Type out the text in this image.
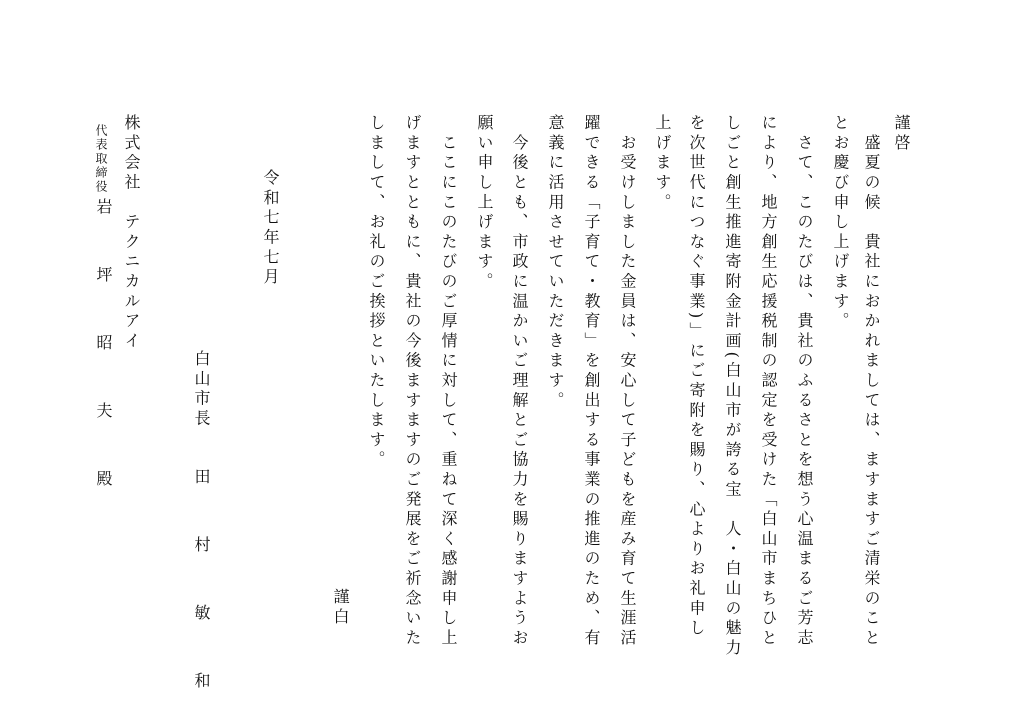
謹啓

　盛夏の候　貴社におかれましては、ますますご清栄のこと

とお慶び申し上げます。

　さて、このたびは、貴社のふるさとを想う心温まるご芳志

により、地方創生応援税制の認定を受けた「白山市まちひと

しごと創生推進寄附金計画(白山市が誇る宝　人・白山の魅力

を次世代につなぐ事業)」にご寄附を賜り、心よりお礼申し

上げます。

　お受けしました金員は、安心して子どもを産み育て生涯活

躍できる「子育て・教育」を創出する事業の推進のため、有

意義に活用させていただきます。

　今後とも、市政に温かいご理解とご協力を賜りますようお

願い申し上げます。

　ここにこのたびのご厚情に対して、重ねて深く感謝申し上

げますとともに、貴社の今後ますますのご発展をご祈念いた

しまして、お礼のご挨拶といたします。

謹白

白山市長

田　村　敏　和

令和七年七月

株式会社　テクニカルアイ

代表取締役

岩　坪　昭　夫　殿
